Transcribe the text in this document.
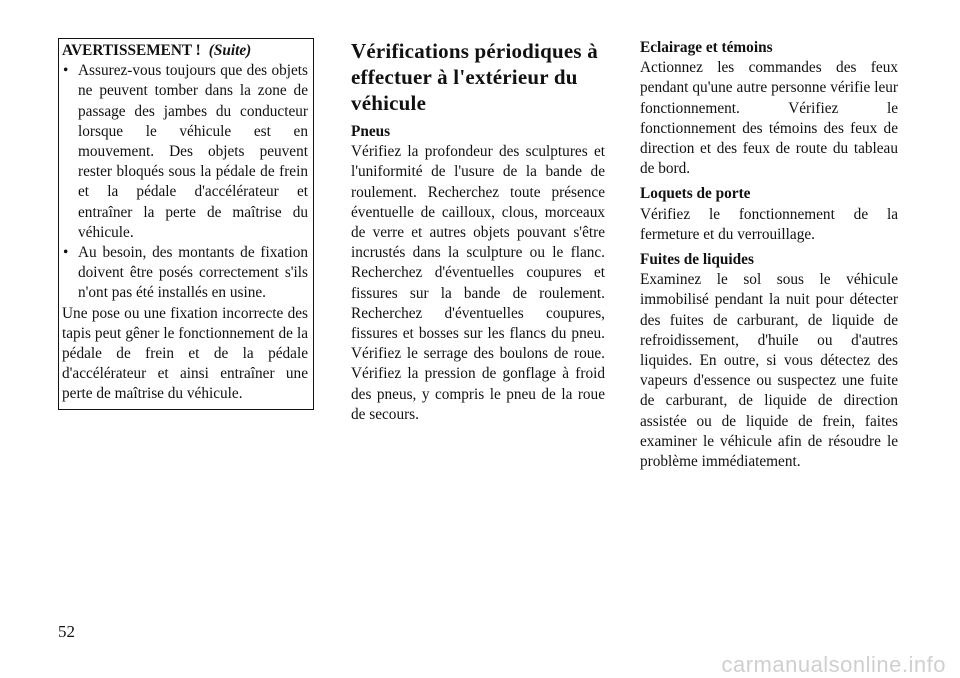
AVERTISSEMENT ! (Suite)
• Assurez-vous toujours que des objets ne peuvent tomber dans la zone de passage des jambes du conducteur lorsque le véhicule est en mouvement. Des objets peuvent rester bloqués sous la pédale de frein et la pédale d'accélérateur et entraîner la perte de maîtrise du véhicule.
• Au besoin, des montants de fixation doivent être posés correctement s'ils n'ont pas été installés en usine.

Une pose ou une fixation incorrecte des tapis peut gêner le fonctionnement de la pédale de frein et de la pédale d'accélérateur et ainsi entraîner une perte de maîtrise du véhicule.

Vérifications périodiques à effectuer à l'extérieur du véhicule

Pneus

Vérifiez la profondeur des sculptures et l'uniformité de l'usure de la bande de roulement. Recherchez toute présence éventuelle de cailloux, clous, morceaux de verre et autres objets pouvant s'être incrustés dans la sculpture ou le flanc. Recherchez d'éventuelles coupures et fissures sur la bande de roulement. Recherchez d'éventuelles coupures, fissures et bosses sur les flancs du pneu. Vérifiez le serrage des boulons de roue. Vérifiez la pression de gonflage à froid des pneus, y compris le pneu de la roue de secours.

Eclairage et témoins

Actionnez les commandes des feux pendant qu'une autre personne vérifie leur fonctionnement. Vérifiez le fonctionnement des témoins des feux de direction et des feux de route du tableau de bord.

Loquets de porte

Vérifiez le fonctionnement de la fermeture et du verrouillage.

Fuites de liquides

Examinez le sol sous le véhicule immobilisé pendant la nuit pour détecter des fuites de carburant, de liquide de refroidissement, d'huile ou d'autres liquides. En outre, si vous détectez des vapeurs d'essence ou suspectez une fuite de carburant, de liquide de direction assistée ou de liquide de frein, faites examiner le véhicule afin de résoudre le problème immédiatement.

52
carmanualsonline.info
